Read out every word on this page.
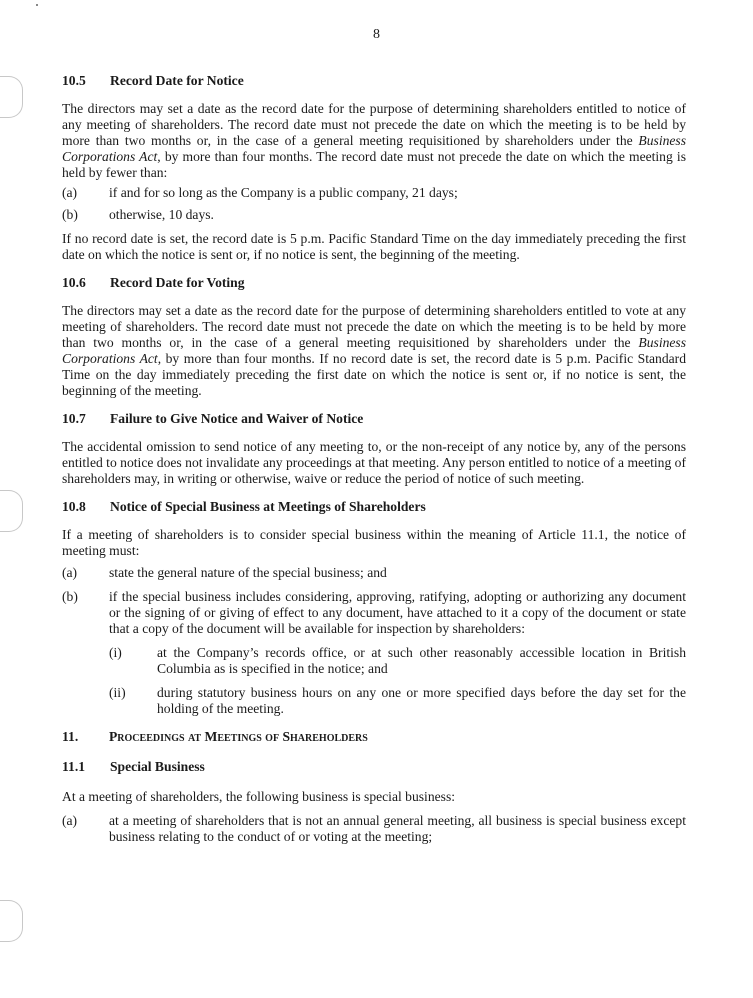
8
10.5	Record Date for Notice

The directors may set a date as the record date for the purpose of determining shareholders entitled to notice of any meeting of shareholders. The record date must not precede the date on which the meeting is to be held by more than two months or, in the case of a general meeting requisitioned by shareholders under the Business Corporations Act, by more than four months. The record date must not precede the date on which the meeting is held by fewer than:

(a)	if and for so long as the Company is a public company, 21 days;
(b)	otherwise, 10 days.

If no record date is set, the record date is 5 p.m. Pacific Standard Time on the day immediately preceding the first date on which the notice is sent or, if no notice is sent, the beginning of the meeting.

10.6	Record Date for Voting

The directors may set a date as the record date for the purpose of determining shareholders entitled to vote at any meeting of shareholders. The record date must not precede the date on which the meeting is to be held by more than two months or, in the case of a general meeting requisitioned by shareholders under the Business Corporations Act, by more than four months. If no record date is set, the record date is 5 p.m. Pacific Standard Time on the day immediately preceding the first date on which the notice is sent or, if no notice is sent, the beginning of the meeting.

10.7	Failure to Give Notice and Waiver of Notice

The accidental omission to send notice of any meeting to, or the non-receipt of any notice by, any of the persons entitled to notice does not invalidate any proceedings at that meeting. Any person entitled to notice of a meeting of shareholders may, in writing or otherwise, waive or reduce the period of notice of such meeting.

10.8	Notice of Special Business at Meetings of Shareholders

If a meeting of shareholders is to consider special business within the meaning of Article 11.1, the notice of meeting must:

(a)	state the general nature of the special business; and
(b)	if the special business includes considering, approving, ratifying, adopting or authorizing any document or the signing of or giving of effect to any document, have attached to it a copy of the document or state that a copy of the document will be available for inspection by shareholders:
(i)	at the Company’s records office, or at such other reasonably accessible location in British Columbia as is specified in the notice; and
(ii)	during statutory business hours on any one or more specified days before the day set for the holding of the meeting.
11.	Proceedings at Meetings of Shareholders
11.1	Special Business

At a meeting of shareholders, the following business is special business:

(a)	at a meeting of shareholders that is not an annual general meeting, all business is special business except business relating to the conduct of or voting at the meeting;
